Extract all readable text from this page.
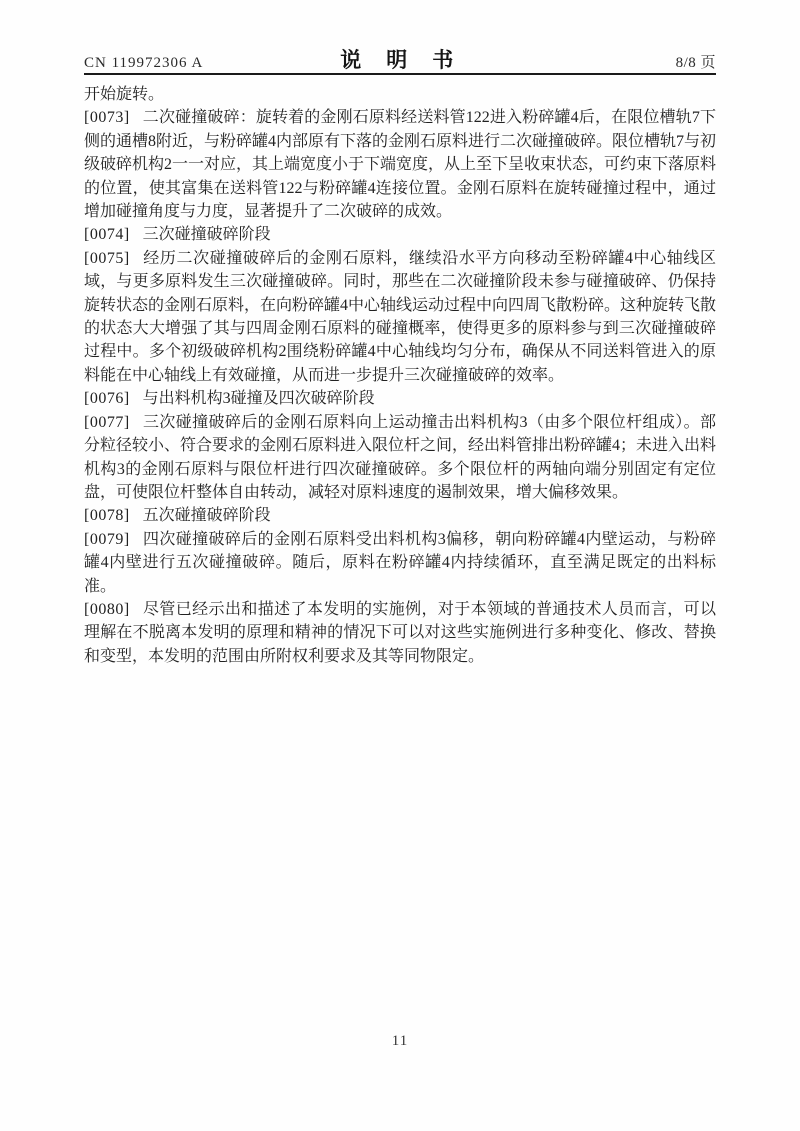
CN 119972306 A	说　明　书	8/8 页

开始旋转。

[0073] 二次碰撞破碎：旋转着的金刚石原料经送料管122进入粉碎罐4后，在限位槽轨7下侧的通槽8附近，与粉碎罐4内部原有下落的金刚石原料进行二次碰撞破碎。限位槽轨7与初级破碎机构2一一对应，其上端宽度小于下端宽度，从上至下呈收束状态，可约束下落原料的位置，使其富集在送料管122与粉碎罐4连接位置。金刚石原料在旋转碰撞过程中，通过增加碰撞角度与力度，显著提升了二次破碎的成效。

[0074] 三次碰撞破碎阶段

[0075] 经历二次碰撞破碎后的金刚石原料，继续沿水平方向移动至粉碎罐4中心轴线区域，与更多原料发生三次碰撞破碎。同时，那些在二次碰撞阶段未参与碰撞破碎、仍保持旋转状态的金刚石原料，在向粉碎罐4中心轴线运动过程中向四周飞散粉碎。这种旋转飞散的状态大大增强了其与四周金刚石原料的碰撞概率，使得更多的原料参与到三次碰撞破碎过程中。多个初级破碎机构2围绕粉碎罐4中心轴线均匀分布，确保从不同送料管进入的原料能在中心轴线上有效碰撞，从而进一步提升三次碰撞破碎的效率。

[0076] 与出料机构3碰撞及四次破碎阶段

[0077] 三次碰撞破碎后的金刚石原料向上运动撞击出料机构3（由多个限位杆组成）。部分粒径较小、符合要求的金刚石原料进入限位杆之间，经出料管排出粉碎罐4；未进入出料机构3的金刚石原料与限位杆进行四次碰撞破碎。多个限位杆的两轴向端分别固定有定位盘，可使限位杆整体自由转动，减轻对原料速度的遏制效果，增大偏移效果。

[0078] 五次碰撞破碎阶段

[0079] 四次碰撞破碎后的金刚石原料受出料机构3偏移，朝向粉碎罐4内壁运动，与粉碎罐4内壁进行五次碰撞破碎。随后，原料在粉碎罐4内持续循环，直至满足既定的出料标准。

[0080] 尽管已经示出和描述了本发明的实施例，对于本领域的普通技术人员而言，可以理解在不脱离本发明的原理和精神的情况下可以对这些实施例进行多种变化、修改、替换和变型，本发明的范围由所附权利要求及其等同物限定。

11
